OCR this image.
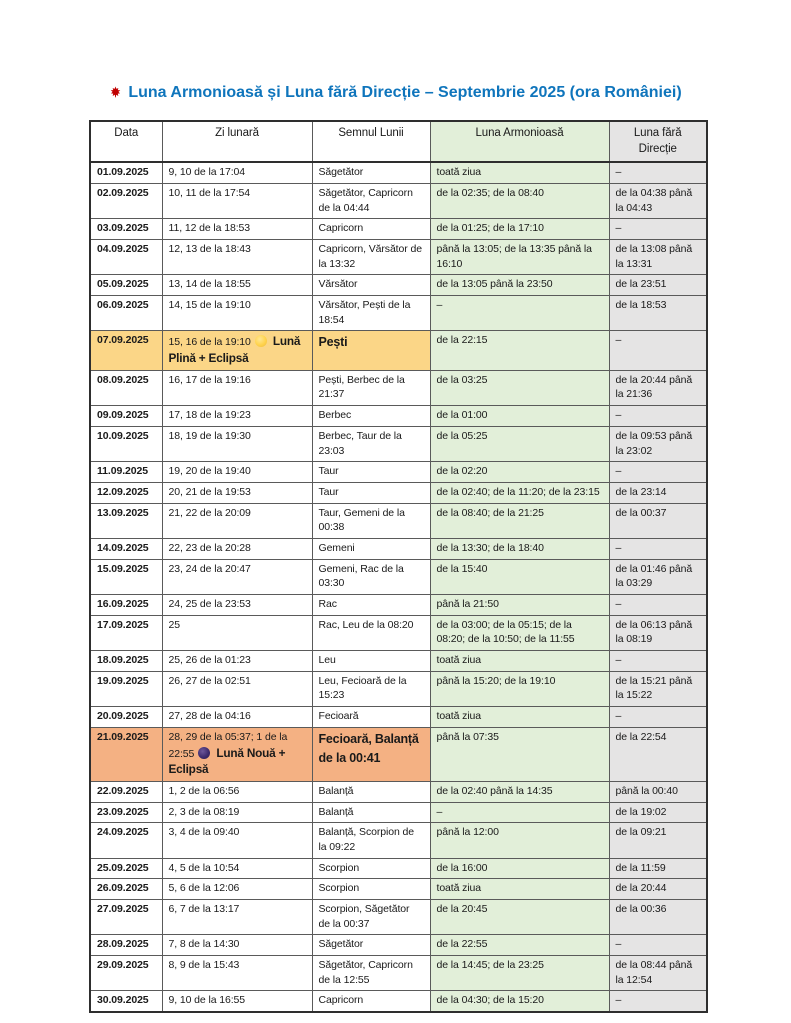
Luna Armonioasă și Luna fără Direcție – Septembrie 2025 (ora României)
Data	Zi lunară	Semnul Lunii	Luna Armonioasă	Luna fără Direcție
01.09.2025	9, 10 de la 17:04	Săgetător	toată ziua	–
02.09.2025	10, 11 de la 17:54	Săgetător, Capricorn de la 04:44	de la 02:35; de la 08:40	de la 04:38 până la 04:43
03.09.2025	11, 12 de la 18:53	Capricorn	de la 01:25; de la 17:10	–
04.09.2025	12, 13 de la 18:43	Capricorn, Vărsător de la 13:32	până la 13:05; de la 13:35 până la 16:10	de la 13:08 până la 13:31
05.09.2025	13, 14 de la 18:55	Vărsător	de la 13:05 până la 23:50	de la 23:51
06.09.2025	14, 15 de la 19:10	Vărsător, Pești de la 18:54	–	de la 18:53
07.09.2025	15, 16 de la 19:10 Lună Plină + Eclipsă	Pești	de la 22:15	–
08.09.2025	16, 17 de la 19:16	Pești, Berbec de la 21:37	de la 03:25	de la 20:44 până la 21:36
09.09.2025	17, 18 de la 19:23	Berbec	de la 01:00	–
10.09.2025	18, 19 de la 19:30	Berbec, Taur de la 23:03	de la 05:25	de la 09:53 până la 23:02
11.09.2025	19, 20 de la 19:40	Taur	de la 02:20	–
12.09.2025	20, 21 de la 19:53	Taur	de la 02:40; de la 11:20; de la 23:15	de la 23:14
13.09.2025	21, 22 de la 20:09	Taur, Gemeni de la 00:38	de la 08:40; de la 21:25	de la 00:37
14.09.2025	22, 23 de la 20:28	Gemeni	de la 13:30; de la 18:40	–
15.09.2025	23, 24 de la 20:47	Gemeni, Rac de la 03:30	de la 15:40	de la 01:46 până la 03:29
16.09.2025	24, 25 de la 23:53	Rac	până la 21:50	–
17.09.2025	25	Rac, Leu de la 08:20	de la 03:00; de la 05:15; de la 08:20; de la 10:50; de la 11:55	de la 06:13 până la 08:19
18.09.2025	25, 26 de la 01:23	Leu	toată ziua	–
19.09.2025	26, 27 de la 02:51	Leu, Fecioară de la 15:23	până la 15:20; de la 19:10	de la 15:21 până la 15:22
20.09.2025	27, 28 de la 04:16	Fecioară	toată ziua	–
21.09.2025	28, 29 de la 05:37; 1 de la 22:55 Lună Nouă + Eclipsă	Fecioară, Balanță de la 00:41	până la 07:35	de la 22:54
22.09.2025	1, 2 de la 06:56	Balanță	de la 02:40 până la 14:35	până la 00:40
23.09.2025	2, 3 de la 08:19	Balanță	–	de la 19:02
24.09.2025	3, 4 de la 09:40	Balanță, Scorpion de la 09:22	până la 12:00	de la 09:21
25.09.2025	4, 5 de la 10:54	Scorpion	de la 16:00	de la 11:59
26.09.2025	5, 6 de la 12:06	Scorpion	toată ziua	de la 20:44
27.09.2025	6, 7 de la 13:17	Scorpion, Săgetător de la 00:37	de la 20:45	de la 00:36
28.09.2025	7, 8 de la 14:30	Săgetător	de la 22:55	–
29.09.2025	8, 9 de la 15:43	Săgetător, Capricorn de la 12:55	de la 14:45; de la 23:25	de la 08:44 până la 12:54
30.09.2025	9, 10 de la 16:55	Capricorn	de la 04:30; de la 15:20	–
